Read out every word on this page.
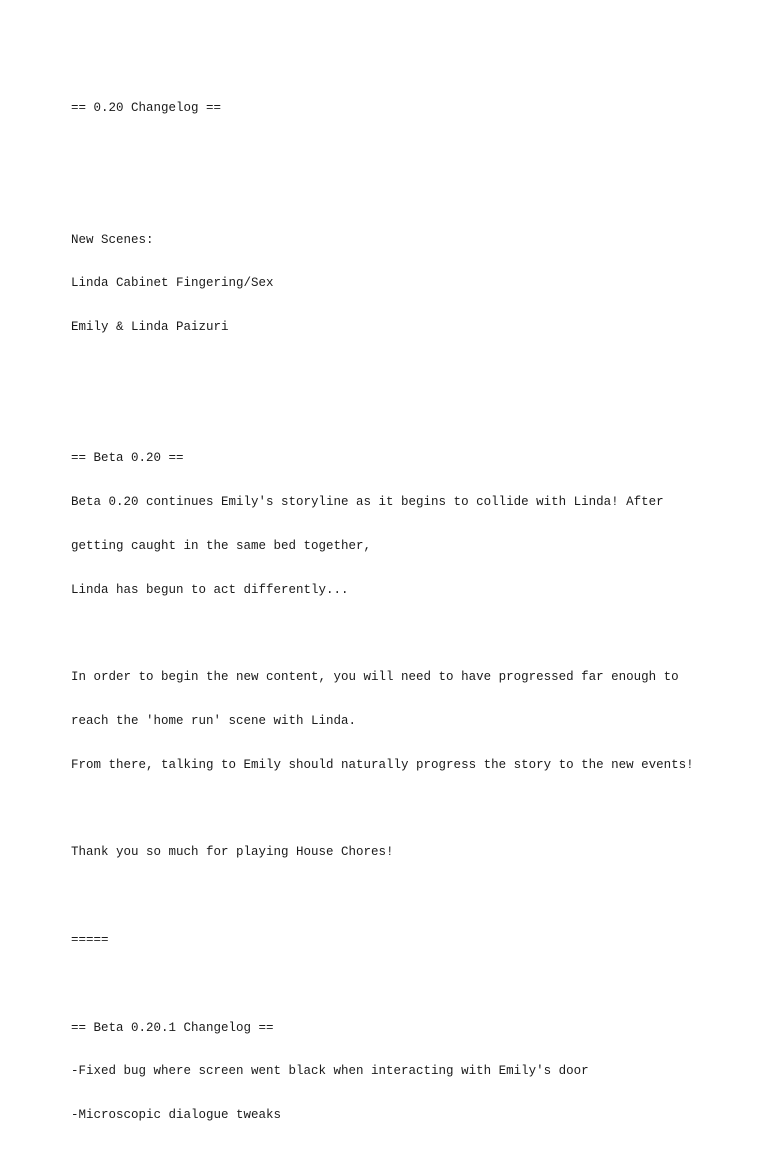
== 0.20 Changelog ==

New Scenes:

Linda Cabinet Fingering/Sex

Emily & Linda Paizuri

== Beta 0.20 ==

Beta 0.20 continues Emily's storyline as it begins to collide with Linda! After

getting caught in the same bed together,

Linda has begun to act differently...

In order to begin the new content, you will need to have progressed far enough to

reach the 'home run' scene with Linda.

From there, talking to Emily should naturally progress the story to the new events!

Thank you so much for playing House Chores!

=====

== Beta 0.20.1 Changelog ==

-Fixed bug where screen went black when interacting with Emily's door

-Microscopic dialogue tweaks
